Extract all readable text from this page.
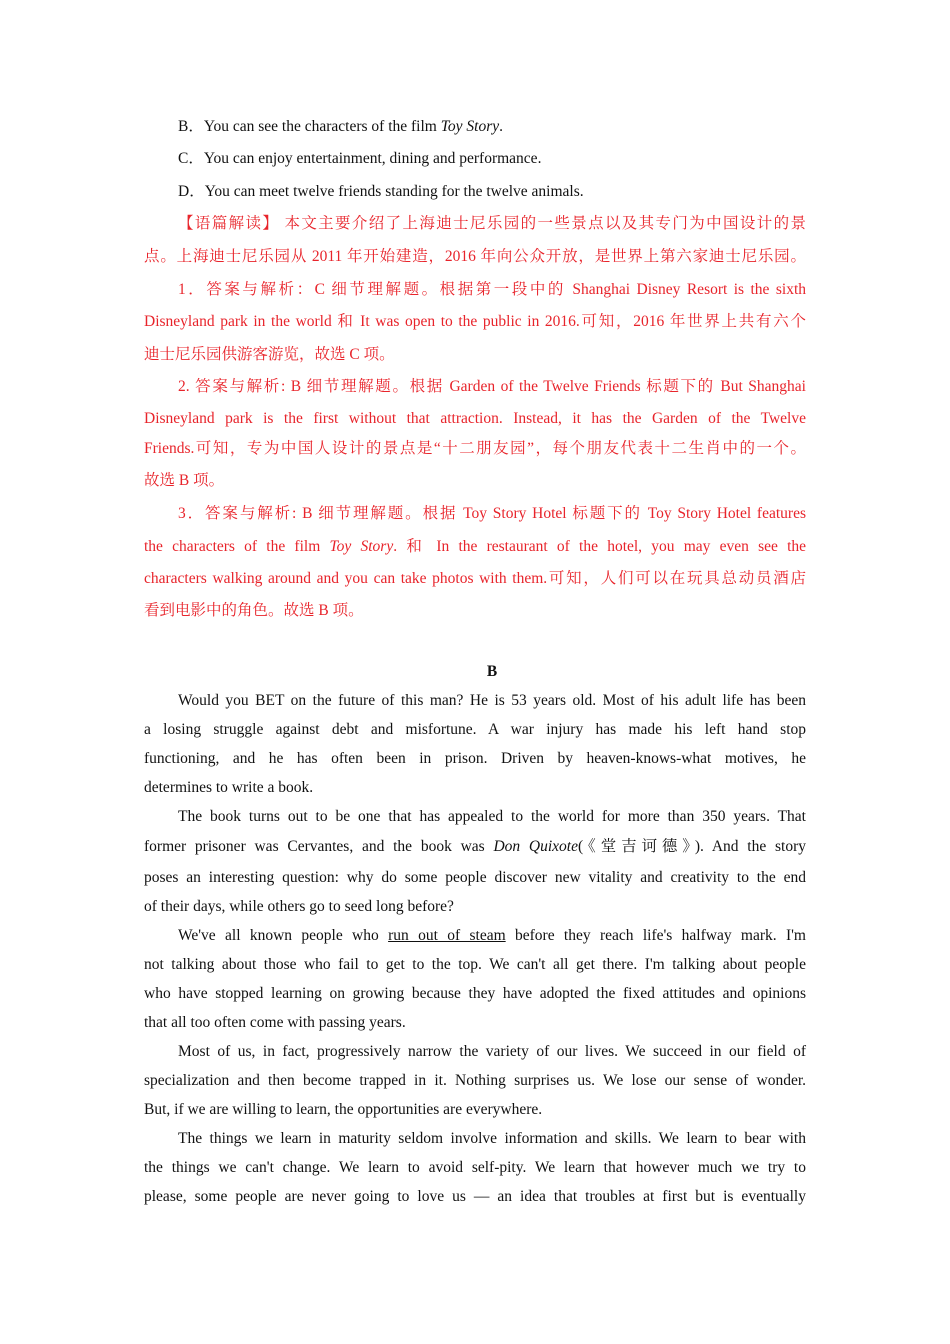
B．You can see the characters of the film Toy Story.
C．You can enjoy entertainment, dining and performance.
D．You can meet twelve friends standing for the twelve animals.
【语篇解读】 本文主要介绍了上海迪士尼乐园的一些景点以及其专门为中国设计的景
点。上海迪士尼乐园从 2011 年开始建造，2016 年向公众开放，是世界上第六家迪士尼乐园。
1．答案与解析：C 细节理解题。根据第一段中的 Shanghai Disney Resort is the sixth
Disneyland park in the world 和 It was open to the public in 2016.可知，2016 年世界上共有六个
迪士尼乐园供游客游览，故选 C 项。
2. 答案与解析: B 细节理解题。根据 Garden of the Twelve Friends 标题下的 But Shanghai
Disneyland park is the first without that attraction. Instead, it has the Garden of the Twelve
Friends.可知，专为中国人设计的景点是“十二朋友园”，每个朋友代表十二生肖中的一个。
故选 B 项。
3．答案与解析: B 细节理解题。根据 Toy Story Hotel 标题下的 Toy Story Hotel features
the characters of the film Toy Story. 和 In the restaurant of the hotel, you may even see the
characters walking around and you can take photos with them.可知，人们可以在玩具总动员酒店
看到电影中的角色。故选 B 项。
B
Would you BET on the future of this man? He is 53 years old. Most of his adult life has been
a losing struggle against debt and misfortune. A war injury has made his left hand stop
functioning, and he has often been in prison. Driven by heaven-knows-what motives, he
determines to write a book.
The book turns out to be one that has appealed to the world for more than 350 years. That
former prisoner was Cervantes, and the book was Don Quixote(《堂吉诃德》). And the story
poses an interesting question: why do some people discover new vitality and creativity to the end
of their days, while others go to seed long before?
We've all known people who run out of steam before they reach life's halfway mark. I'm
not talking about those who fail to get to the top. We can't all get there. I'm talking about people
who have stopped learning on growing because they have adopted the fixed attitudes and opinions
that all too often come with passing years.
Most of us, in fact, progressively narrow the variety of our lives. We succeed in our field of
specialization and then become trapped in it. Nothing surprises us. We lose our sense of wonder.
But, if we are willing to learn, the opportunities are everywhere.
The things we learn in maturity seldom involve information and skills. We learn to bear with
the things we can't change. We learn to avoid self-pity. We learn that however much we try to
please, some people are never going to love us — an idea that troubles at first but is eventually
